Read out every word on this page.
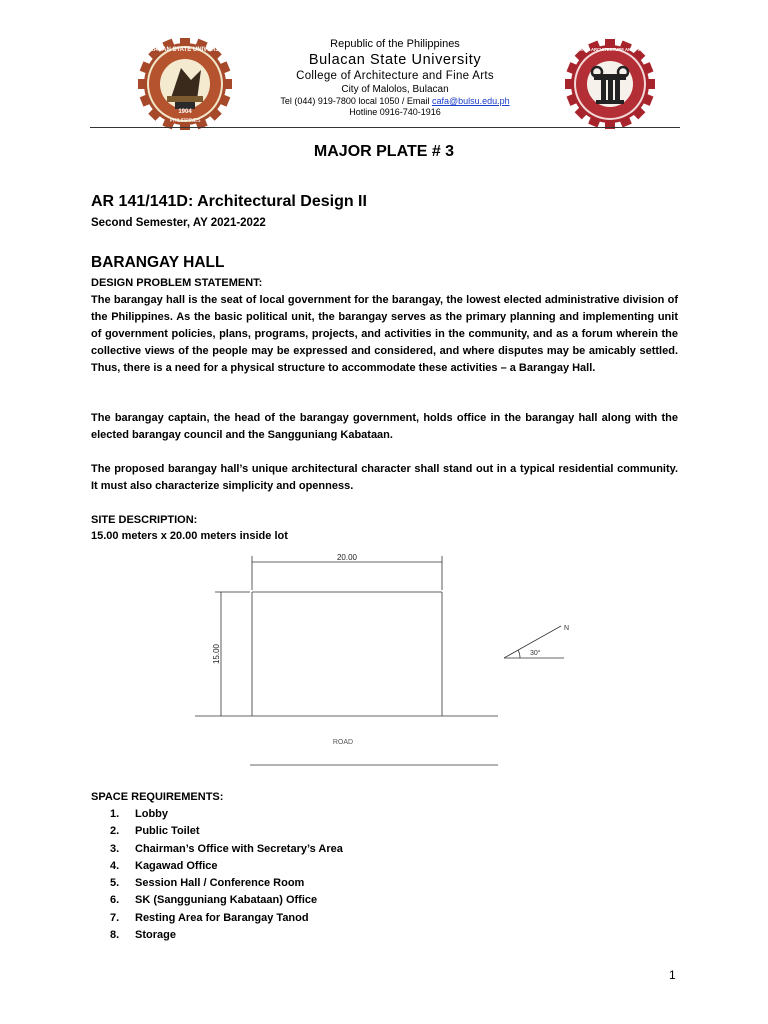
BULACAN STATE UNIVERSITY
1904
PHILIPPINES
COLLEGE OF ARCHITECTURE AND FINE ARTS
Republic of the Philippines
Bulacan State University
College of Architecture and Fine Arts
City of Malolos, Bulacan
Tel (044) 919-7800 local 1050 / Email cafa@bulsu.edu.ph
Hotline 0916-740-1916
MAJOR PLATE # 3
AR 141/141D: Architectural Design II
Second Semester, AY 2021-2022
BARANGAY HALL
DESIGN PROBLEM STATEMENT:
The barangay hall is the seat of local government for the barangay, the lowest elected administrative division of the Philippines. As the basic political unit, the barangay serves as the primary planning and implementing unit of government policies, plans, programs, projects, and activities in the community, and as a forum wherein the collective views of the people may be expressed and considered, and where disputes may be amicably settled. Thus, there is a need for a physical structure to accommodate these activities – a Barangay Hall.
The barangay captain, the head of the barangay government, holds office in the barangay hall along with the elected barangay council and the Sangguniang Kabataan.
The proposed barangay hall’s unique architectural character shall stand out in a typical residential community. It must also characterize simplicity and openness.
SITE DESCRIPTION:
15.00 meters x 20.00 meters inside lot
20.00
15.00
ROAD
N
30°
SPACE REQUIREMENTS:
1.	Lobby
2.	Public Toilet
3.	Chairman’s Office with Secretary’s Area
4.	Kagawad Office
5.	Session Hall / Conference Room
6.	SK (Sangguniang Kabataan) Office
7.	Resting Area for Barangay Tanod
8.	Storage
1
